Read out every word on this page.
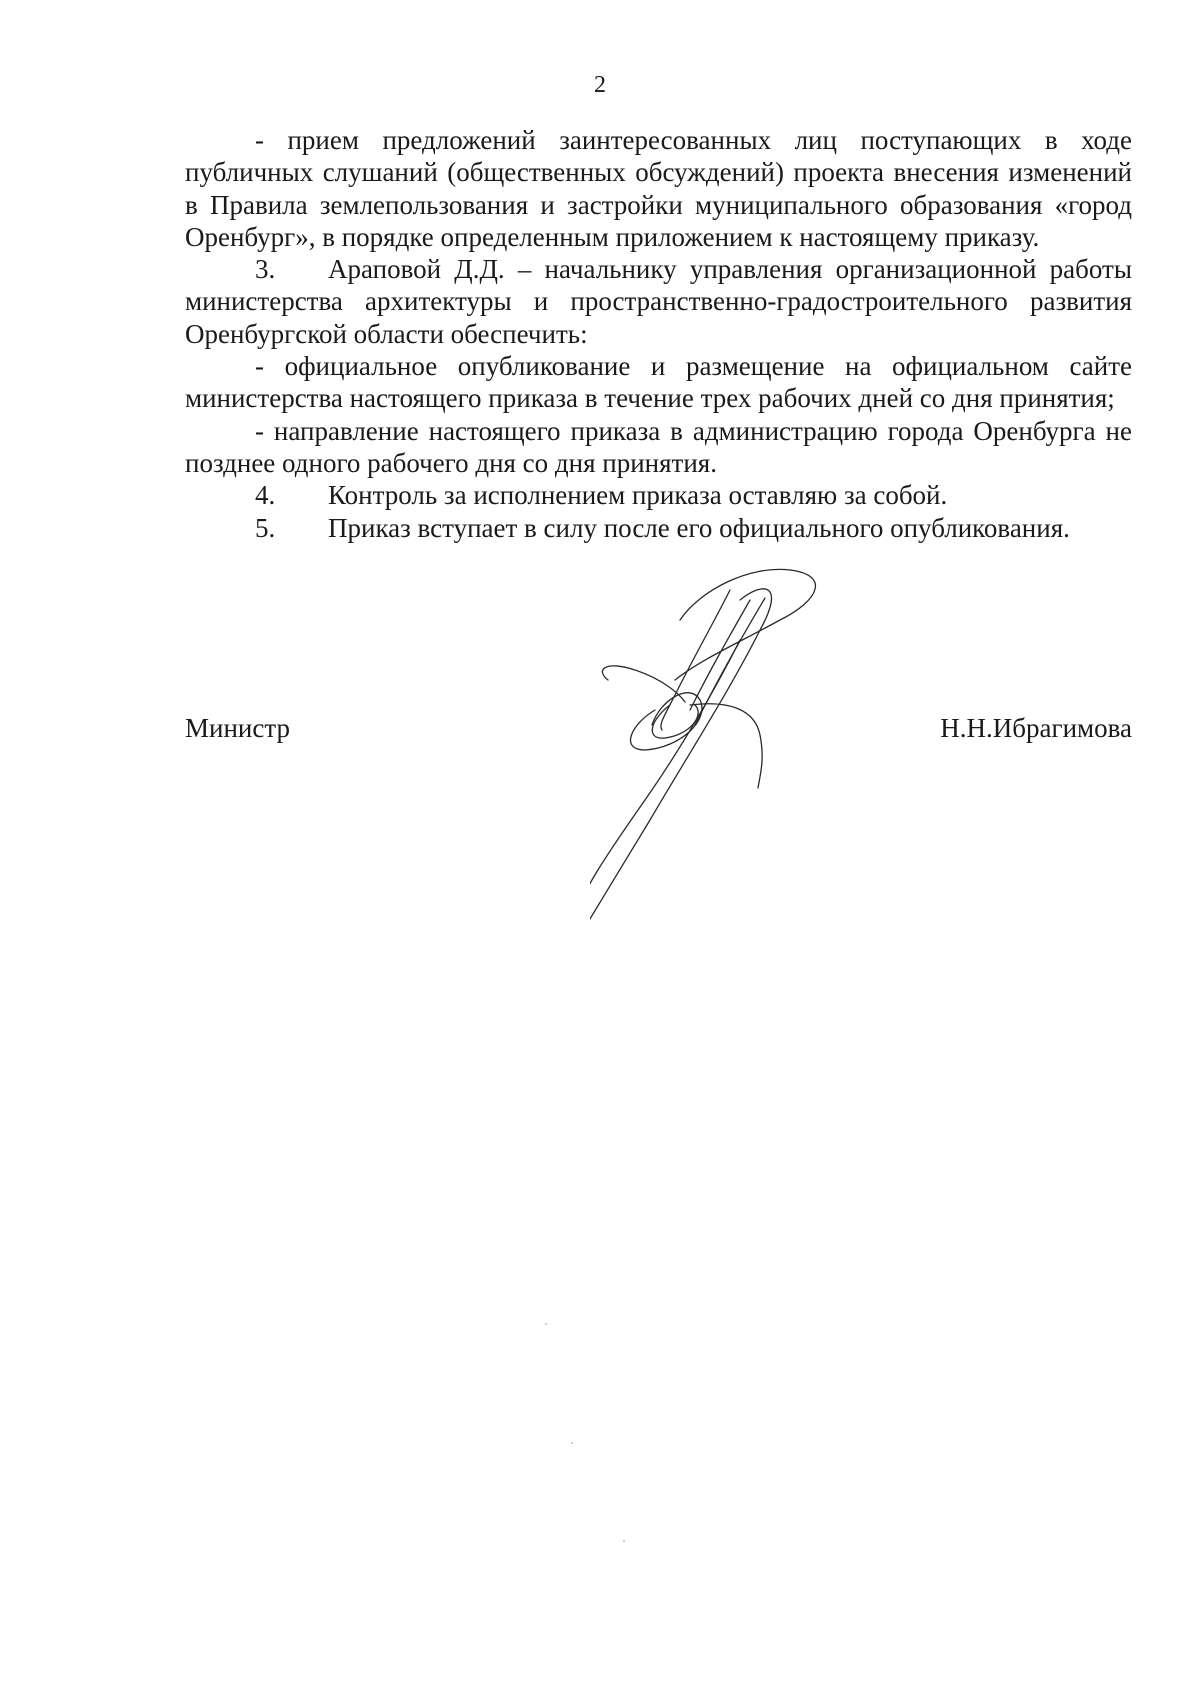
2

- прием предложений заинтересованных лиц поступающих в ходе публичных слушаний (общественных обсуждений) проекта внесения изменений в Правила землепользования и застройки муниципального образования «город Оренбург», в порядке определенным приложением к настоящему приказу.

3. Араповой Д.Д. – начальнику управления организационной работы министерства архитектуры и пространственно-градостроительного развития Оренбургской области обеспечить:

- официальное опубликование и размещение на официальном сайте министерства настоящего приказа в течение трех рабочих дней со дня принятия;

- направление настоящего приказа в администрацию города Оренбурга не позднее одного рабочего дня со дня принятия.

4.	Контроль за исполнением приказа оставляю за собой.

5.	Приказ вступает в силу после его официального опубликования.

Министр	Н.Н.Ибрагимова
